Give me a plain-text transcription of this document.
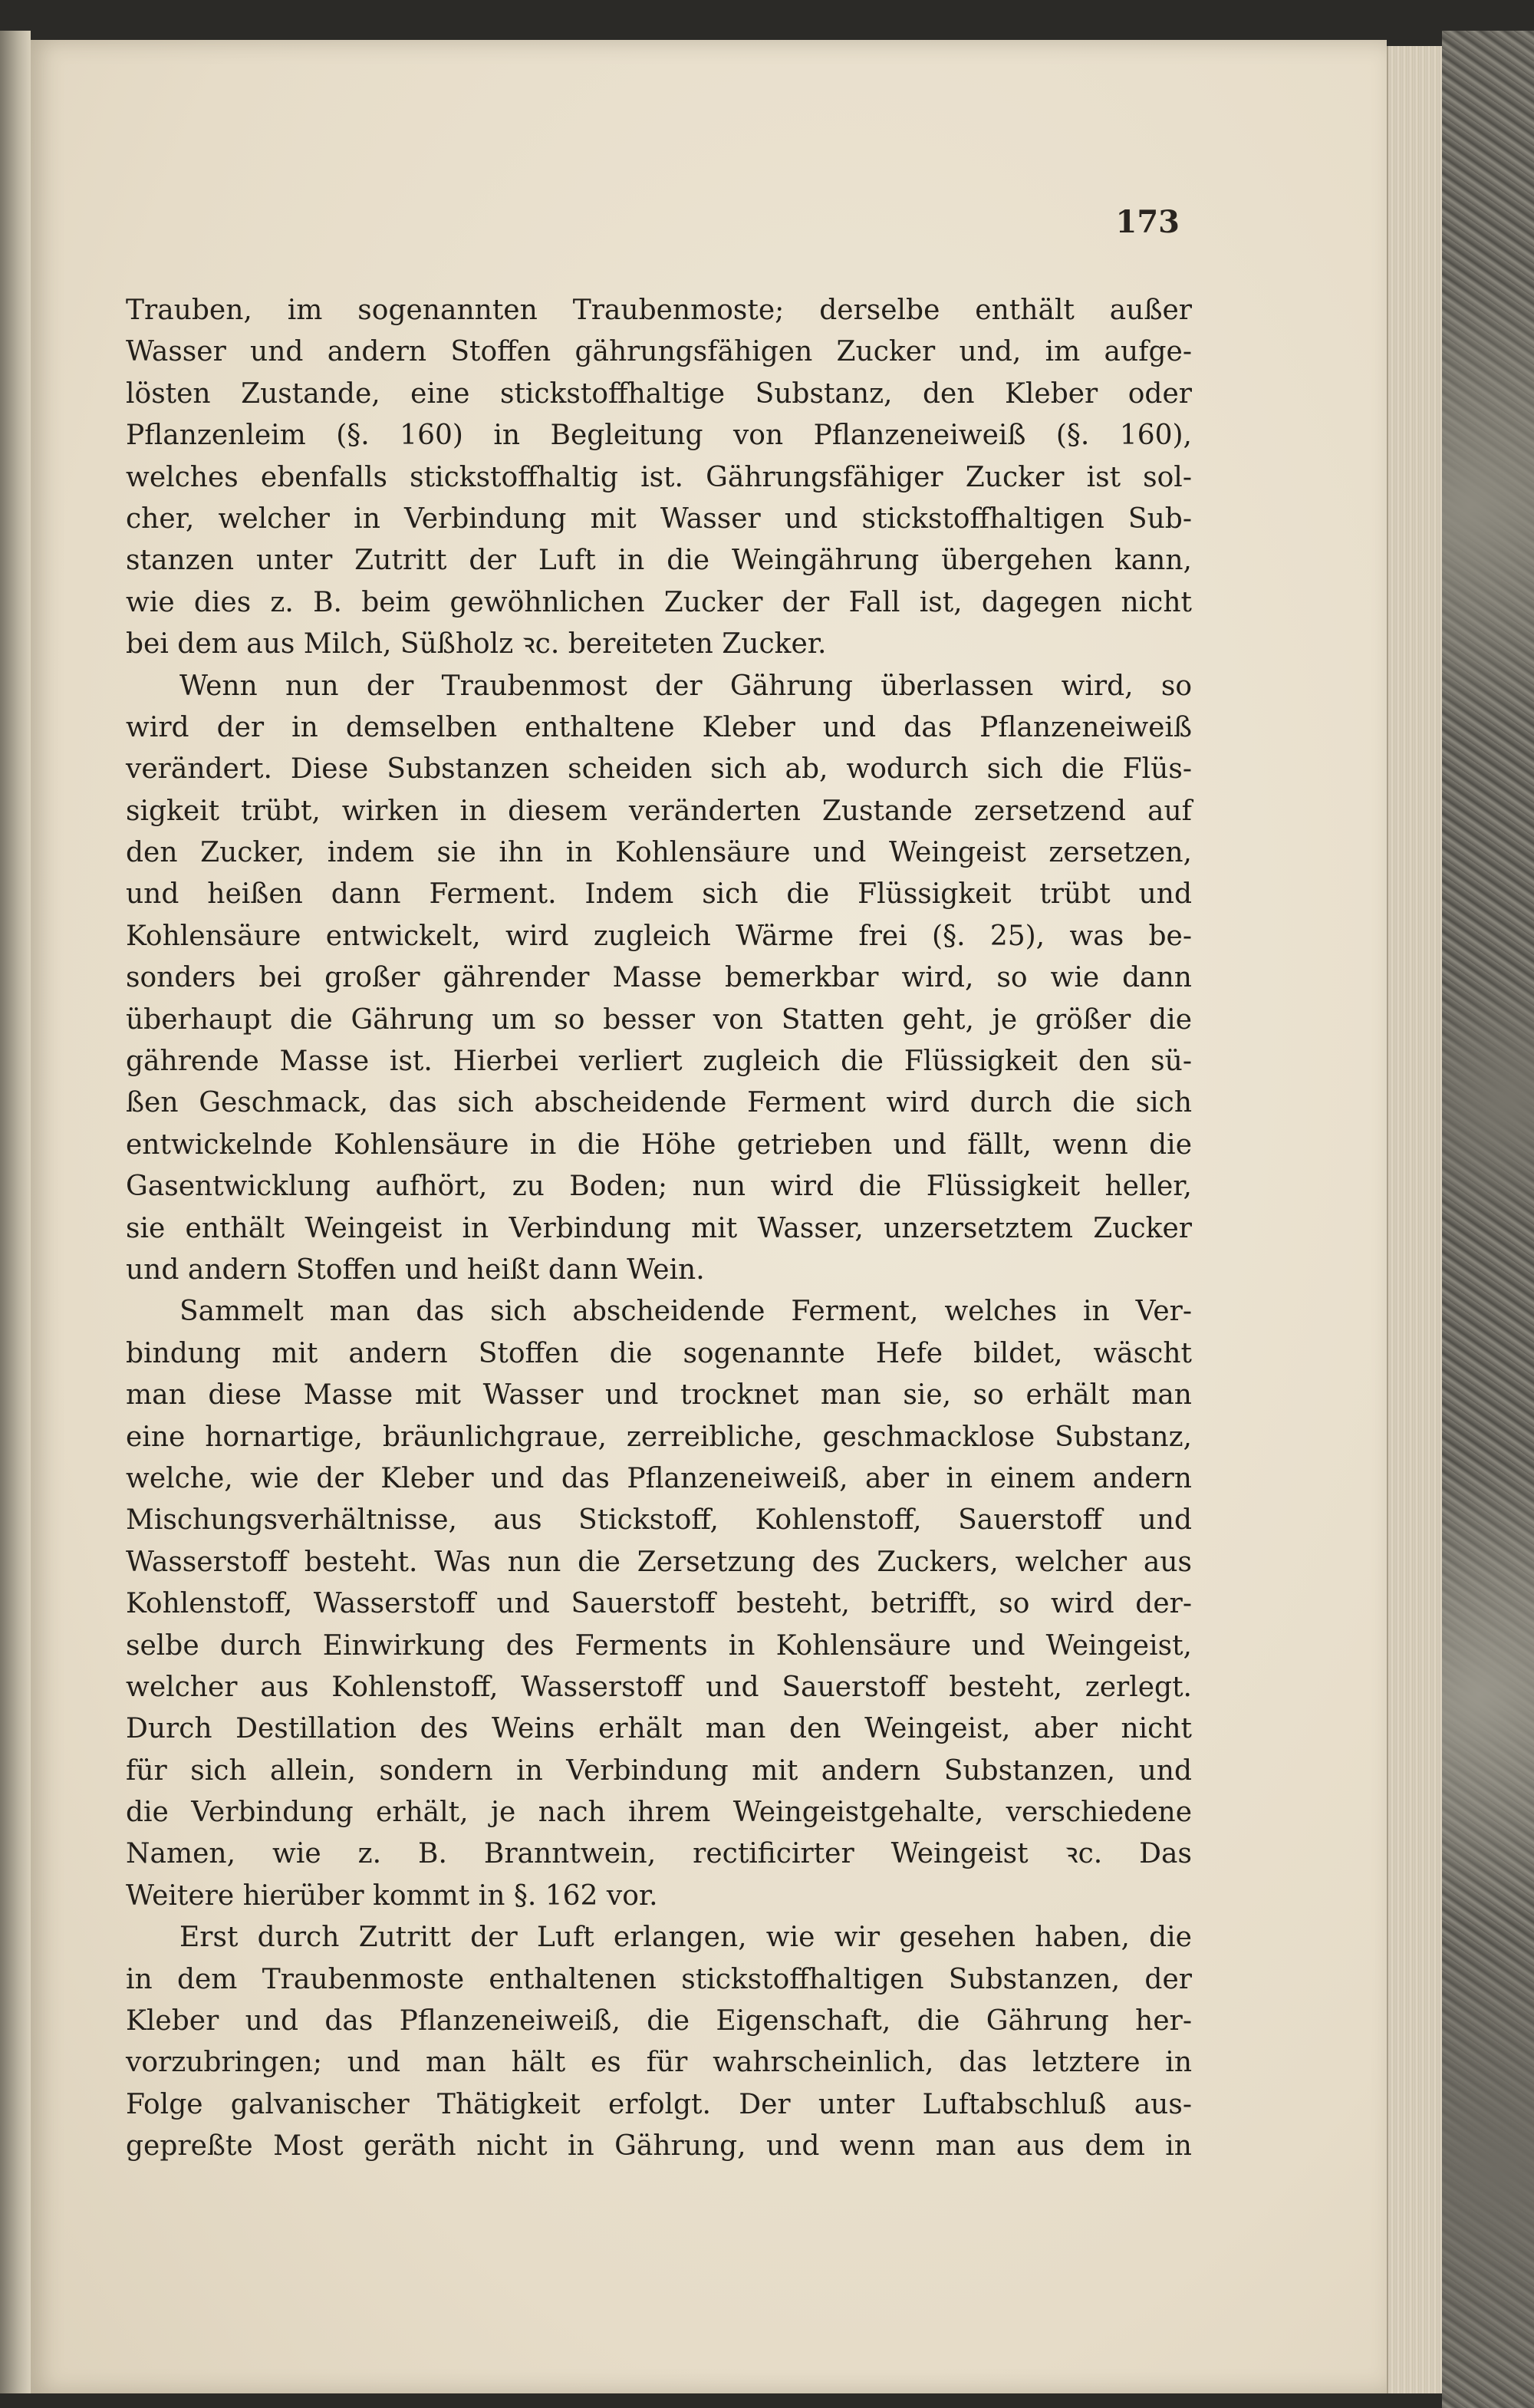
173
Trauben, im sogenannten Traubenmoste; derselbe enthält außer
Wasser und andern Stoffen gährungsfähigen Zucker und, im aufge-
lösten Zustande, eine stickstoffhaltige Substanz, den Kleber oder
Pflanzenleim (§. 160) in Begleitung von Pflanzeneiweiß (§. 160),
welches ebenfalls stickstoffhaltig ist. Gährungsfähiger Zucker ist sol-
cher, welcher in Verbindung mit Wasser und stickstoffhaltigen Sub-
stanzen unter Zutritt der Luft in die Weingährung übergehen kann,
wie dies z. B. beim gewöhnlichen Zucker der Fall ist, dagegen nicht
bei dem aus Milch, Süßholz ꝛc. bereiteten Zucker.
Wenn nun der Traubenmost der Gährung überlassen wird, so
wird der in demselben enthaltene Kleber und das Pflanzeneiweiß
verändert. Diese Substanzen scheiden sich ab, wodurch sich die Flüs-
sigkeit trübt, wirken in diesem veränderten Zustande zersetzend auf
den Zucker, indem sie ihn in Kohlensäure und Weingeist zersetzen,
und heißen dann Ferment. Indem sich die Flüssigkeit trübt und
Kohlensäure entwickelt, wird zugleich Wärme frei (§. 25), was be-
sonders bei großer gährender Masse bemerkbar wird, so wie dann
überhaupt die Gährung um so besser von Statten geht, je größer die
gährende Masse ist. Hierbei verliert zugleich die Flüssigkeit den sü-
ßen Geschmack, das sich abscheidende Ferment wird durch die sich
entwickelnde Kohlensäure in die Höhe getrieben und fällt, wenn die
Gasentwicklung aufhört, zu Boden; nun wird die Flüssigkeit heller,
sie enthält Weingeist in Verbindung mit Wasser, unzersetztem Zucker
und andern Stoffen und heißt dann Wein.
Sammelt man das sich abscheidende Ferment, welches in Ver-
bindung mit andern Stoffen die sogenannte Hefe bildet, wäscht
man diese Masse mit Wasser und trocknet man sie, so erhält man
eine hornartige, bräunlichgraue, zerreibliche, geschmacklose Substanz,
welche, wie der Kleber und das Pflanzeneiweiß, aber in einem andern
Mischungsverhältnisse, aus Stickstoff, Kohlenstoff, Sauerstoff und
Wasserstoff besteht. Was nun die Zersetzung des Zuckers, welcher aus
Kohlenstoff, Wasserstoff und Sauerstoff besteht, betrifft, so wird der-
selbe durch Einwirkung des Ferments in Kohlensäure und Weingeist,
welcher aus Kohlenstoff, Wasserstoff und Sauerstoff besteht, zerlegt.
Durch Destillation des Weins erhält man den Weingeist, aber nicht
für sich allein, sondern in Verbindung mit andern Substanzen, und
die Verbindung erhält, je nach ihrem Weingeistgehalte, verschiedene
Namen, wie z. B. Branntwein, rectificirter Weingeist ꝛc. Das
Weitere hierüber kommt in §. 162 vor.
Erst durch Zutritt der Luft erlangen, wie wir gesehen haben, die
in dem Traubenmoste enthaltenen stickstoffhaltigen Substanzen, der
Kleber und das Pflanzeneiweiß, die Eigenschaft, die Gährung her-
vorzubringen; und man hält es für wahrscheinlich, das letztere in
Folge galvanischer Thätigkeit erfolgt. Der unter Luftabschluß aus-
gepreßte Most geräth nicht in Gährung, und wenn man aus dem in
